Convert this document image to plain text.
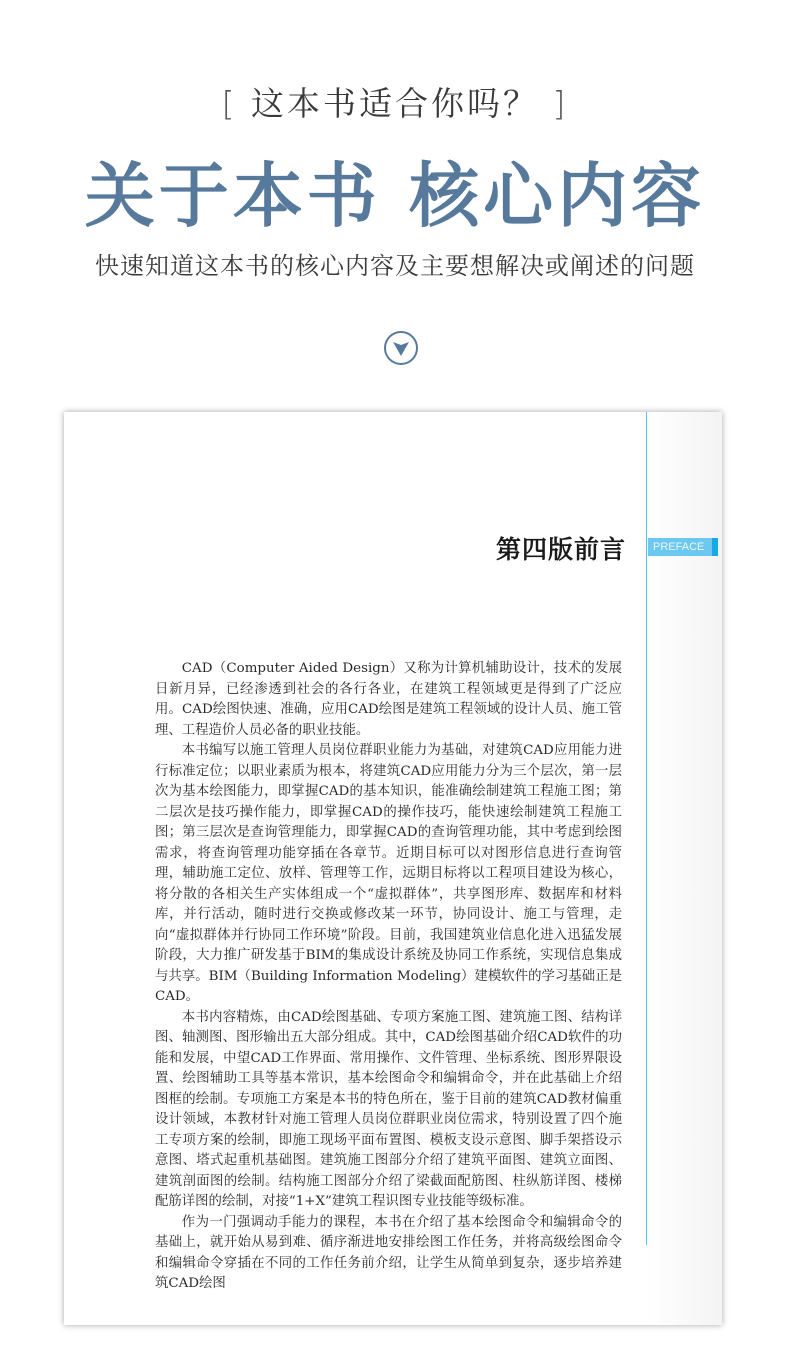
[ 这本书适合你吗？ ]
关于本书 核心内容
快速知道这本书的核心内容及主要想解决或阐述的问题
第四版前言	PREFACE

CAD（Computer Aided Design）又称为计算机辅助设计，技术的发展日新月异，已经渗透到社会的各行各业，在建筑工程领域更是得到了广泛应用。CAD绘图快速、准确，应用CAD绘图是建筑工程领域的设计人员、施工管理、工程造价人员必备的职业技能。

本书编写以施工管理人员岗位群职业能力为基础，对建筑CAD应用能力进行标准定位；以职业素质为根本，将建筑CAD应用能力分为三个层次，第一层次为基本绘图能力，即掌握CAD的基本知识，能准确绘制建筑工程施工图；第二层次是技巧操作能力，即掌握CAD的操作技巧，能快速绘制建筑工程施工图；第三层次是查询管理能力，即掌握CAD的查询管理功能，其中考虑到绘图需求，将查询管理功能穿插在各章节。近期目标可以对图形信息进行查询管理，辅助施工定位、放样、管理等工作，远期目标将以工程项目建设为核心，将分散的各相关生产实体组成一个“虚拟群体”，共享图形库、数据库和材料库，并行活动，随时进行交换或修改某一环节，协同设计、施工与管理，走向“虚拟群体并行协同工作环境”阶段。目前，我国建筑业信息化进入迅猛发展阶段，大力推广研发基于BIM的集成设计系统及协同工作系统，实现信息集成与共享。BIM（Building Information Modeling）建模软件的学习基础正是CAD。

本书内容精炼，由CAD绘图基础、专项方案施工图、建筑施工图、结构详图、轴测图、图形输出五大部分组成。其中，CAD绘图基础介绍CAD软件的功能和发展，中望CAD工作界面、常用操作、文件管理、坐标系统、图形界限设置、绘图辅助工具等基本常识，基本绘图命令和编辑命令，并在此基础上介绍图框的绘制。专项施工方案是本书的特色所在，鉴于目前的建筑CAD教材偏重设计领域，本教材针对施工管理人员岗位群职业岗位需求，特别设置了四个施工专项方案的绘制，即施工现场平面布置图、模板支设示意图、脚手架搭设示意图、塔式起重机基础图。建筑施工图部分介绍了建筑平面图、建筑立面图、建筑剖面图的绘制。结构施工图部分介绍了梁截面配筋图、柱纵筋详图、楼梯配筋详图的绘制，对接“1+X”建筑工程识图专业技能等级标准。

作为一门强调动手能力的课程，本书在介绍了基本绘图命令和编辑命令的基础上，就开始从易到难、循序渐进地安排绘图工作任务，并将高级绘图命令和编辑命令穿插在不同的工作任务前介绍，让学生从简单到复杂，逐步培养建筑CAD绘图
